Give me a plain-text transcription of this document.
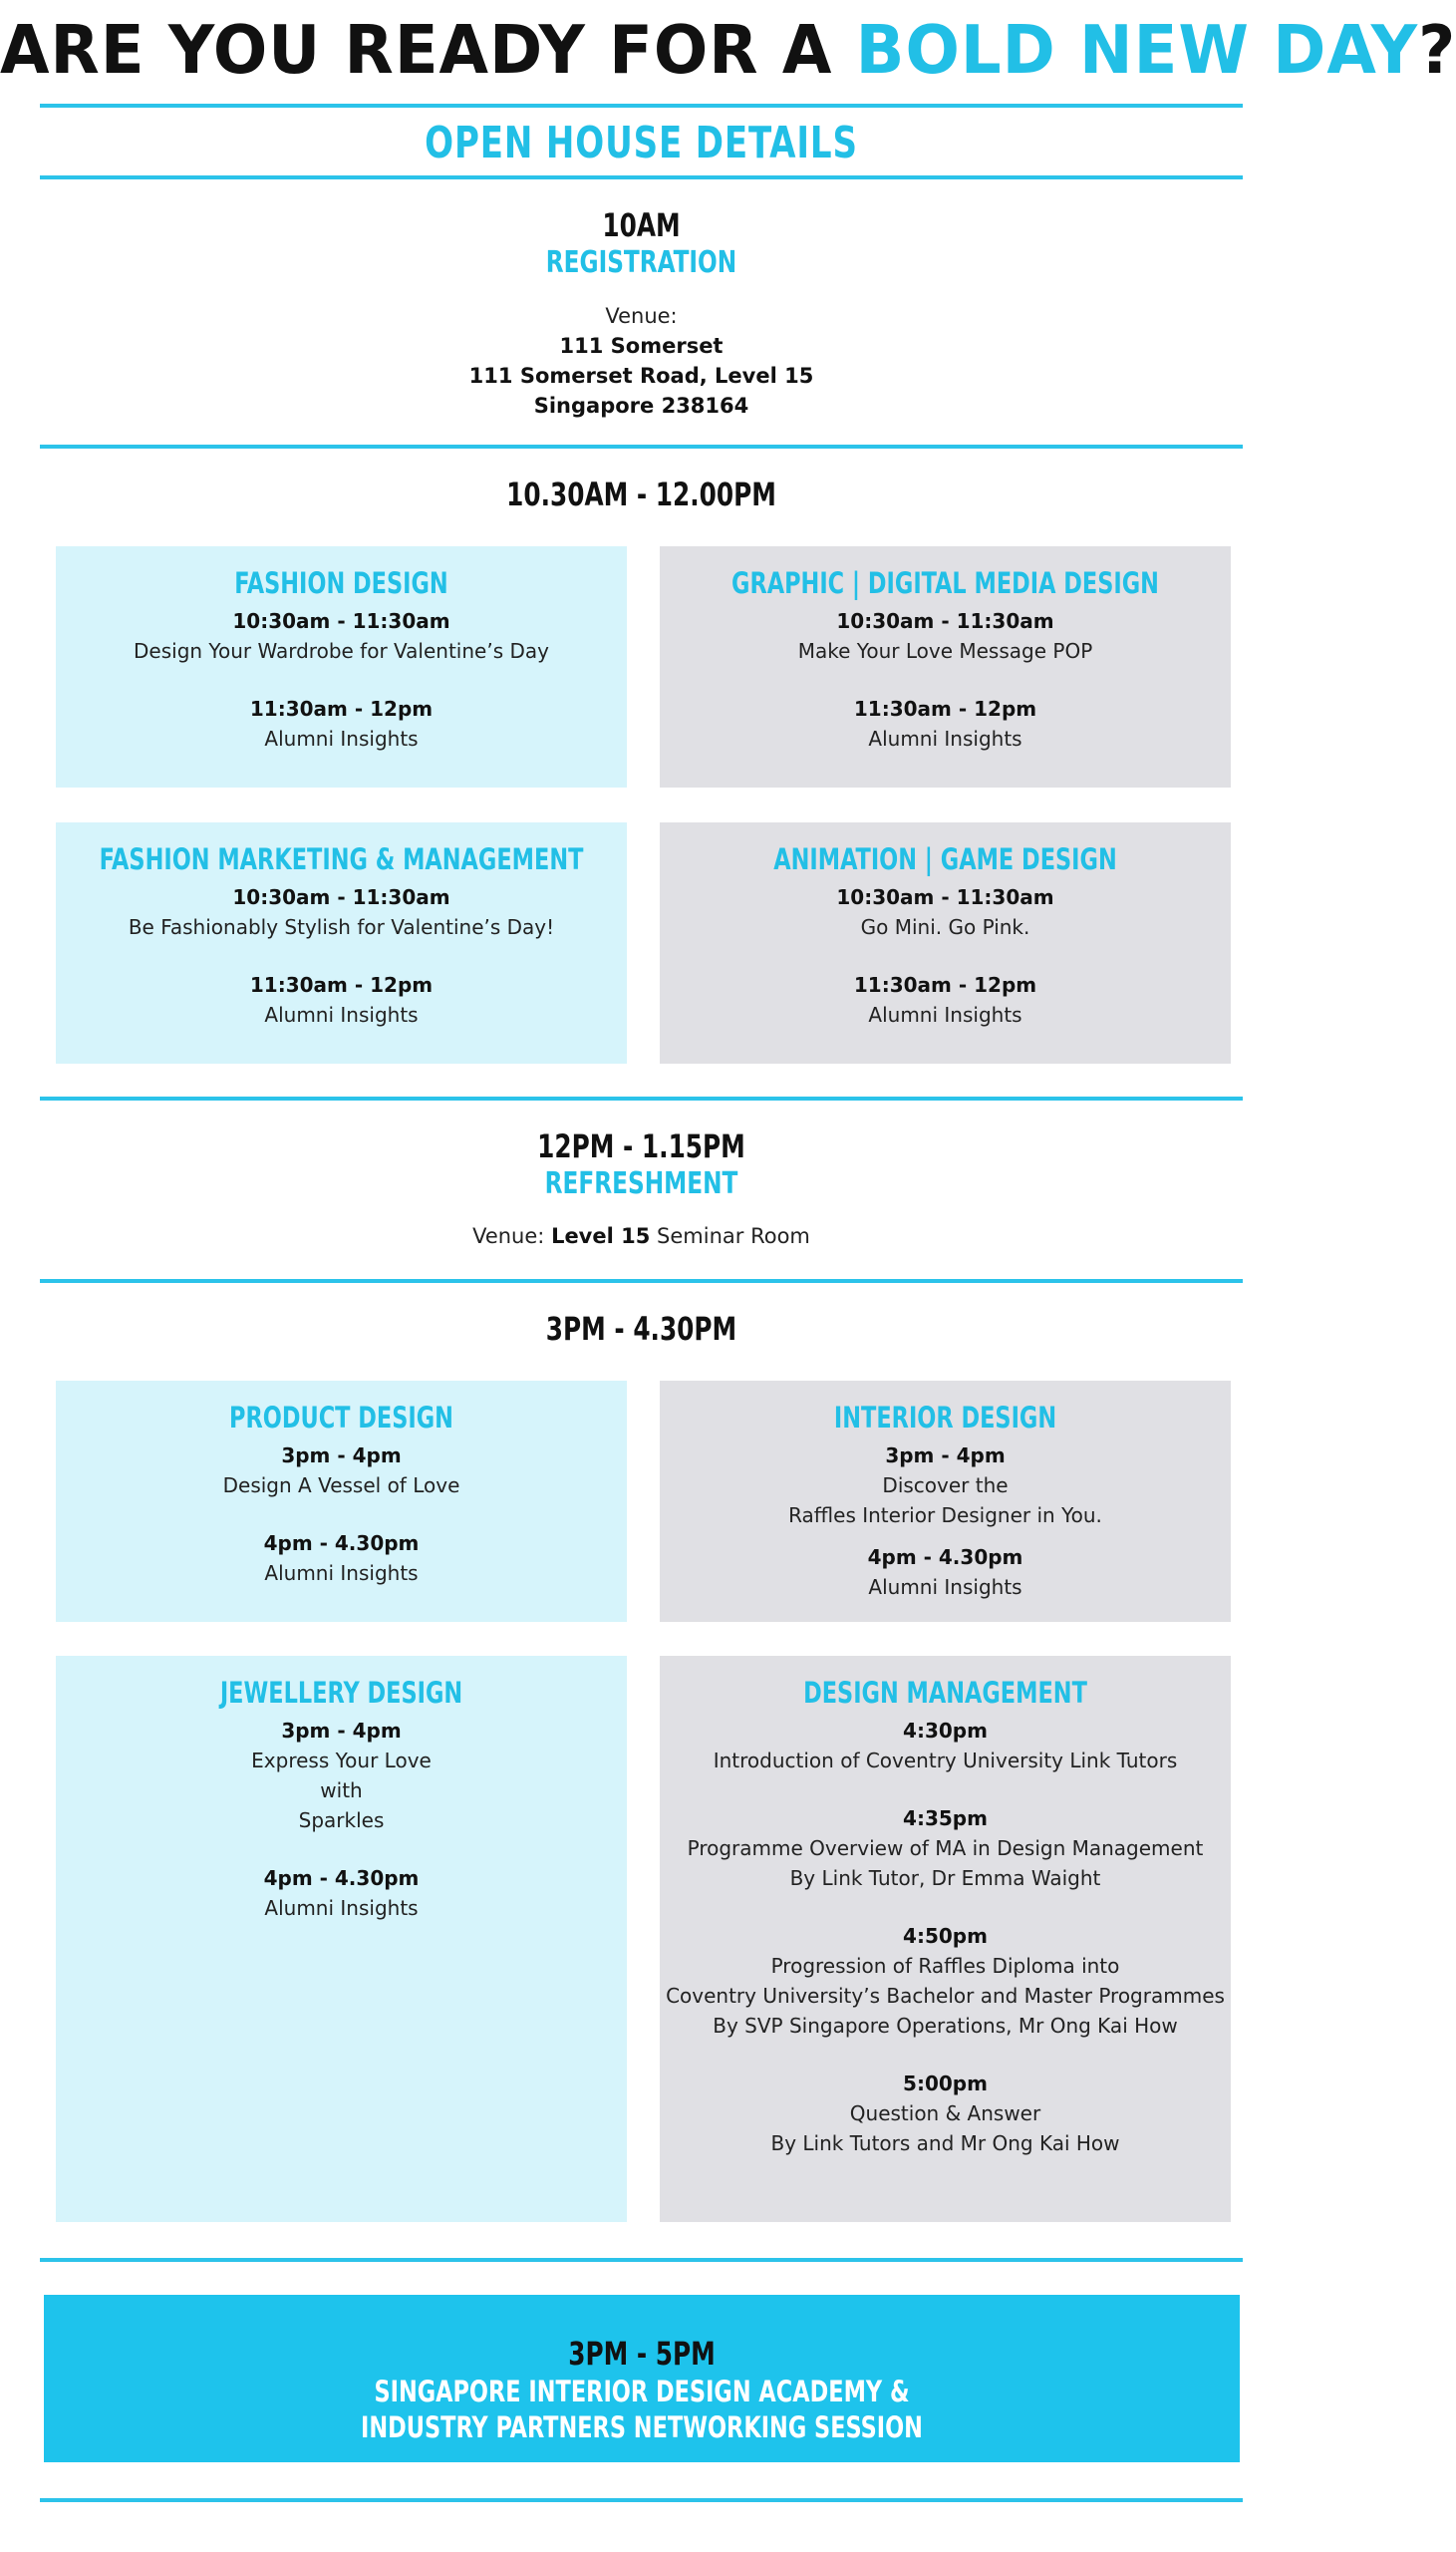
ARE YOU READY FOR A BOLD NEW DAY?
OPEN HOUSE DETAILS
10AM
REGISTRATION
Venue:
111 Somerset
111 Somerset Road, Level 15
Singapore 238164
10.30AM - 12.00PM
FASHION DESIGN
10:30am - 11:30am
Design Your Wardrobe for Valentine’s Day
11:30am - 12pm
Alumni Insights
GRAPHIC | DIGITAL MEDIA DESIGN
10:30am - 11:30am
Make Your Love Message POP
11:30am - 12pm
Alumni Insights
FASHION MARKETING & MANAGEMENT
10:30am - 11:30am
Be Fashionably Stylish for Valentine’s Day!
11:30am - 12pm
Alumni Insights
ANIMATION | GAME DESIGN
10:30am - 11:30am
Go Mini. Go Pink.
11:30am - 12pm
Alumni Insights
12PM - 1.15PM
REFRESHMENT
Venue: Level 15 Seminar Room
3PM - 4.30PM
PRODUCT DESIGN
3pm - 4pm
Design A Vessel of Love
4pm - 4.30pm
Alumni Insights
INTERIOR DESIGN
3pm - 4pm
Discover the
Raffles Interior Designer in You.
4pm - 4.30pm
Alumni Insights
JEWELLERY DESIGN
3pm - 4pm
Express Your Love
with
Sparkles
4pm - 4.30pm
Alumni Insights
DESIGN MANAGEMENT
4:30pm
Introduction of Coventry University Link Tutors
4:35pm
Programme Overview of MA in Design Management
By Link Tutor, Dr Emma Waight
4:50pm
Progression of Raffles Diploma into
Coventry University’s Bachelor and Master Programmes
By SVP Singapore Operations, Mr Ong Kai How
5:00pm
Question & Answer
By Link Tutors and Mr Ong Kai How
3PM - 5PM
SINGAPORE INTERIOR DESIGN ACADEMY &
INDUSTRY PARTNERS NETWORKING SESSION
